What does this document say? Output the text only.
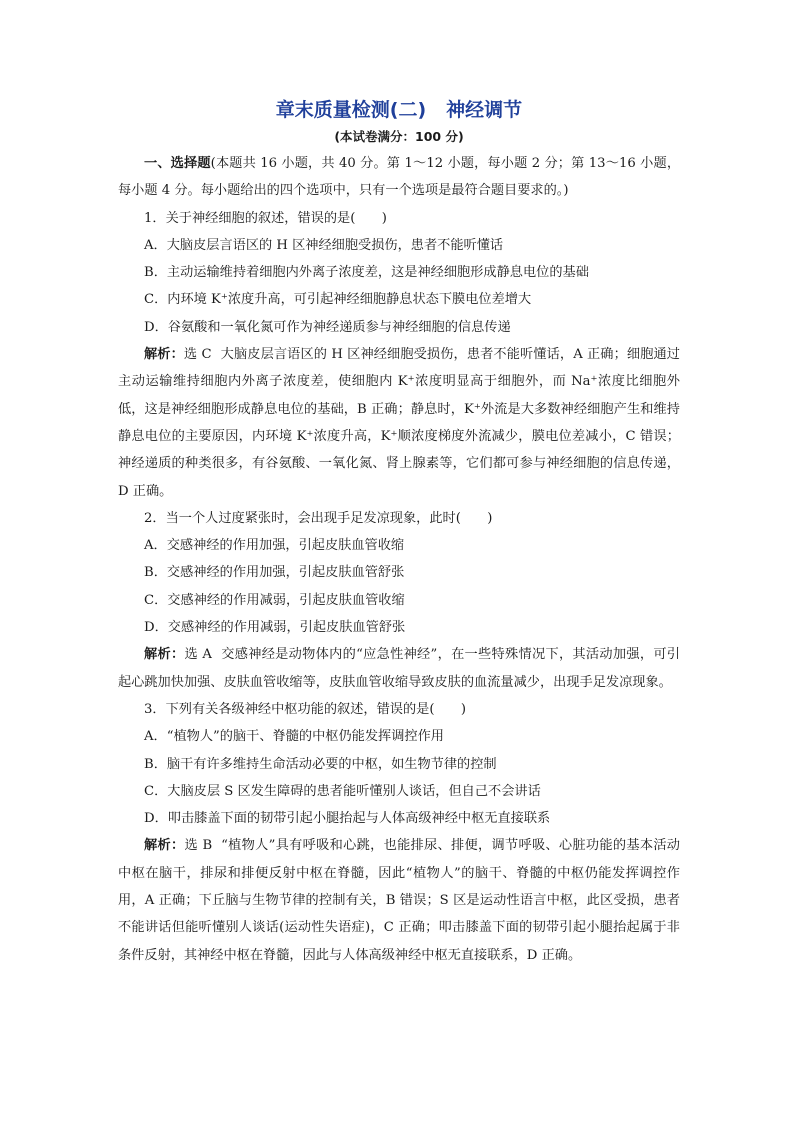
章末质量检测(二) 神经调节
(本试卷满分：100 分)

一、选择题(本题共 16 小题，共 40 分。第 1～12 小题，每小题 2 分；第 13～16 小题，每小题 4 分。每小题给出的四个选项中，只有一个选项是最符合题目要求的。)

1．关于神经细胞的叙述，错误的是(　　)

A．大脑皮层言语区的 H 区神经细胞受损伤，患者不能听懂话

B．主动运输维持着细胞内外离子浓度差，这是神经细胞形成静息电位的基础

C．内环境 K⁺浓度升高，可引起神经细胞静息状态下膜电位差增大

D．谷氨酸和一氧化氮可作为神经递质参与神经细胞的信息传递

解析：选 C 大脑皮层言语区的 H 区神经细胞受损伤，患者不能听懂话，A 正确；细胞通过主动运输维持细胞内外离子浓度差，使细胞内 K⁺浓度明显高于细胞外，而 Na⁺浓度比细胞外低，这是神经细胞形成静息电位的基础，B 正确；静息时，K⁺外流是大多数神经细胞产生和维持静息电位的主要原因，内环境 K⁺浓度升高，K⁺顺浓度梯度外流减少，膜电位差减小，C 错误；神经递质的种类很多，有谷氨酸、一氧化氮、肾上腺素等，它们都可参与神经细胞的信息传递，D 正确。

2．当一个人过度紧张时，会出现手足发凉现象，此时(　　)

A．交感神经的作用加强，引起皮肤血管收缩

B．交感神经的作用加强，引起皮肤血管舒张

C．交感神经的作用减弱，引起皮肤血管收缩

D．交感神经的作用减弱，引起皮肤血管舒张

解析：选 A 交感神经是动物体内的“应急性神经”，在一些特殊情况下，其活动加强，可引起心跳加快加强、皮肤血管收缩等，皮肤血管收缩导致皮肤的血流量减少，出现手足发凉现象。

3．下列有关各级神经中枢功能的叙述，错误的是(　　)

A．“植物人”的脑干、脊髓的中枢仍能发挥调控作用

B．脑干有许多维持生命活动必要的中枢，如生物节律的控制

C．大脑皮层 S 区发生障碍的患者能听懂别人谈话，但自己不会讲话

D．叩击膝盖下面的韧带引起小腿抬起与人体高级神经中枢无直接联系

解析：选 B “植物人”具有呼吸和心跳，也能排尿、排便，调节呼吸、心脏功能的基本活动中枢在脑干，排尿和排便反射中枢在脊髓，因此“植物人”的脑干、脊髓的中枢仍能发挥调控作用，A 正确；下丘脑与生物节律的控制有关，B 错误；S 区是运动性语言中枢，此区受损，患者不能讲话但能听懂别人谈话(运动性失语症)，C 正确；叩击膝盖下面的韧带引起小腿抬起属于非条件反射，其神经中枢在脊髓，因此与人体高级神经中枢无直接联系，D 正确。
